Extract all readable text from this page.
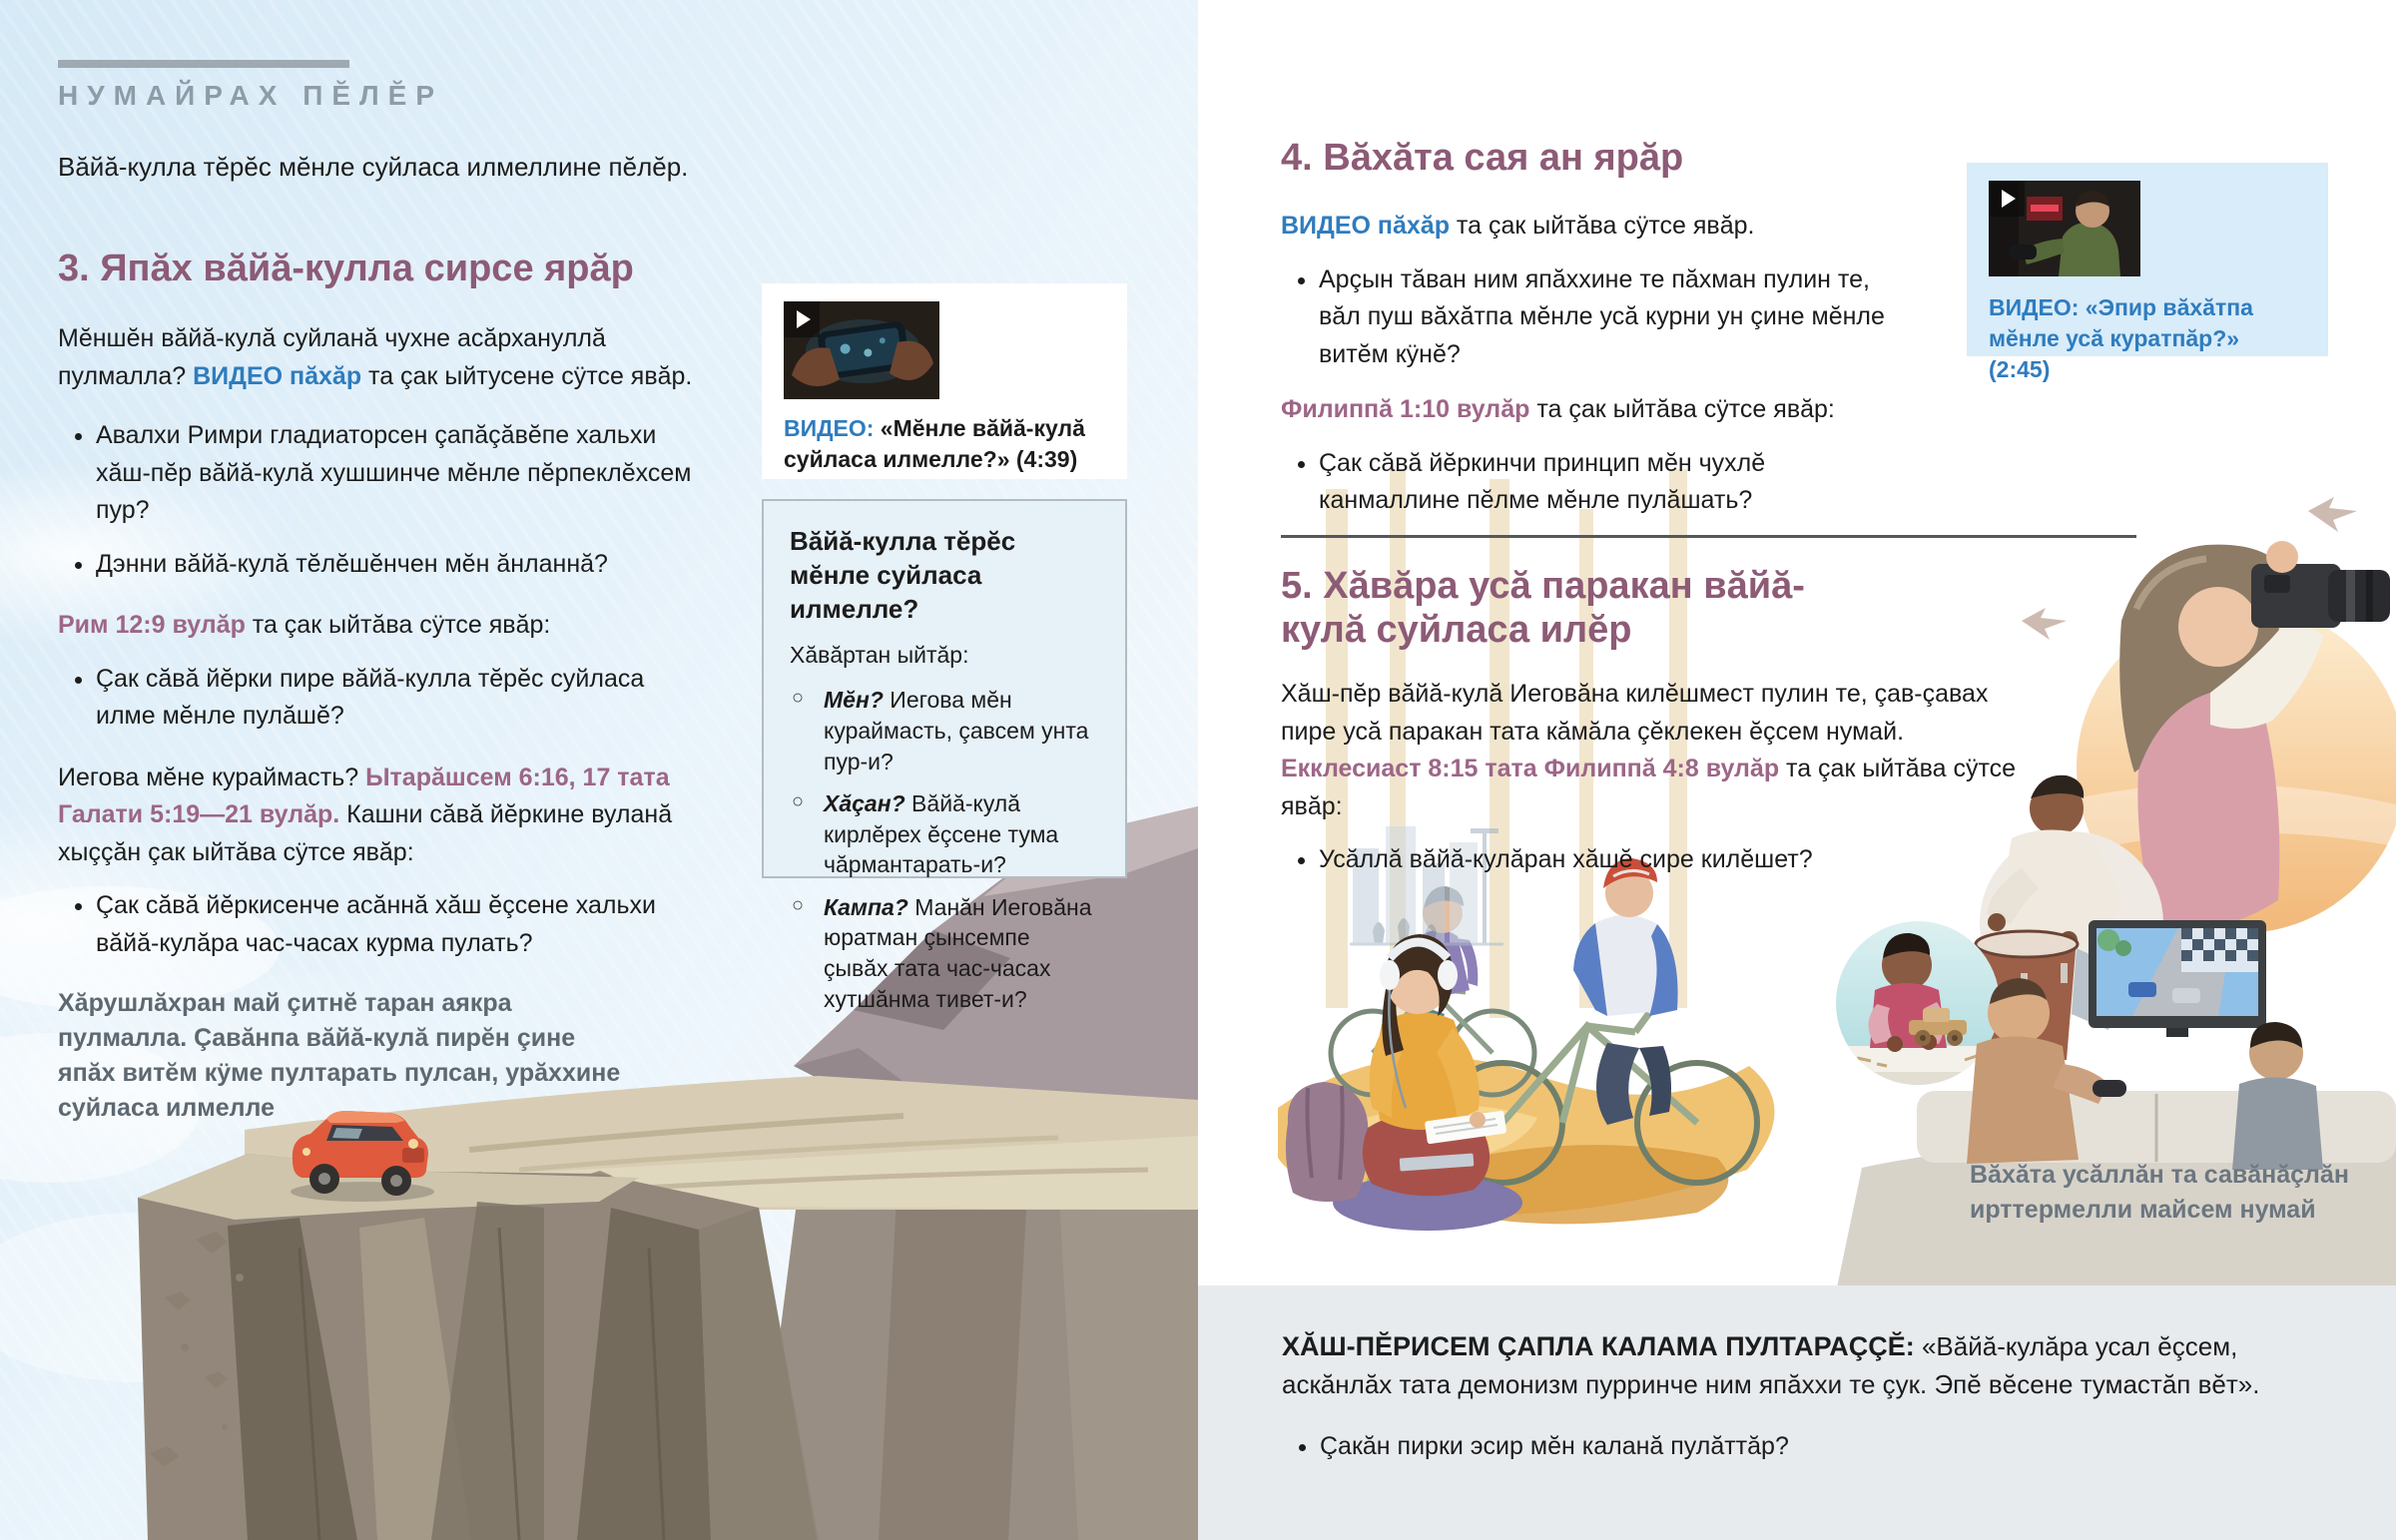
НУМАЙРАХ ПĔЛĔР
Вăйă-кулла тĕрĕс мĕнле суйласа илмеллине пĕлĕр.
3. Япăх вăйă-кулла сирсе ярăр

Мĕншĕн вăйă-кулă суйланă чухне асăрхануллă пулмалла? ВИДЕО пăхăр та çак ыйтусене сÿтсе явăр.

• Авалхи Римри гладиаторсен çапăçăвĕпе хальхи хăш-пĕр вăйă-кулă хушшинче мĕнле пĕрпеклĕхсем пур?
• Дэнни вăйă-кулă тĕлĕшĕнчен мĕн ăнланнă?

Рим 12:9 вулăр та çак ыйтăва сÿтсе явăр:

• Çак сăвă йĕрки пире вăйă-кулла тĕрĕс суйласа илме мĕнле пулăшĕ?

Иегова мĕне кураймасть? Ытарăшсем 6:16, 17 тата Галати 5:19—21 вулăр. Кашни сăвă йĕркине вуланă хыççăн çак ыйтăва сÿтсе явăр:

• Çак сăвă йĕркисенче асăннă хăш ĕçсене хальхи вăйă-кулăра час-часах курма пулать?
Хăрушлăхран май çитнĕ таран аякра пулмалла. Çавăнпа вăйă-кулă пирĕн çине япăх витĕм кÿме пултарать пулсан, урăххине суйласа илмелле
ВИДЕО: «Мĕнле вăйă-кулă суйласа илмелле?» (4:39)
Вăйă-кулла тĕрĕс мĕнле суйласа илмелле?

Хăвăртан ыйтăр:

○ Мĕн? Иегова мĕн кураймасть, çавсем унта пур-и?
○ Хăçан? Вăйă-кулă кирлĕрех ĕçсене тума чăрмантарать-и?
○ Кампа? Манăн Иеговăна юратман çынсемпе çывăх тата час-часах хутшăнма тивет-и?
4. Вăхăта сая ан ярăр

ВИДЕО пăхăр та çак ыйтăва сÿтсе явăр.

• Арçын тăван ним япăххине те пăхман пулин те, вăл пуш вăхăтпа мĕнле усă курни ун çине мĕнле витĕм кÿнĕ?

Филиппă 1:10 вулăр та çак ыйтăва сÿтсе явăр:

• Çак сăвă йĕркинчи принцип мĕн чухлĕ канмаллине пĕлме мĕнле пулăшать?
ВИДЕО: «Эпир вăхăтпа мĕнле усă куратпăр?» (2:45)
5. Хăвăра усă паракан вăйă-кулă суйласа илĕр

Хăш-пĕр вăйă-кулă Иеговăна килĕшмест пулин те, çав-çавах пире усă паракан тата кăмăла çĕклекен ĕçсем нумай. Екклесиаст 8:15 тата Филиппă 4:8 вулăр та çак ыйтăва сÿтсе явăр:

• Усăллă вăйă-кулăран хăшĕ сире килĕшет?
Вăхăта усăллăн та савăнăçлăн ирттермелли майсем нумай

ХĂШ-ПĔРИСЕМ ÇАПЛА КАЛАМА ПУЛТАРАÇÇĔ: «Вăйă-кулăра усал ĕçсем, аскăнлăх тата демонизм пурринче ним япăххи те çук. Эпĕ вĕсене тумастăп вĕт».

• Çакăн пирки эсир мĕн каланă пулăттăр?
